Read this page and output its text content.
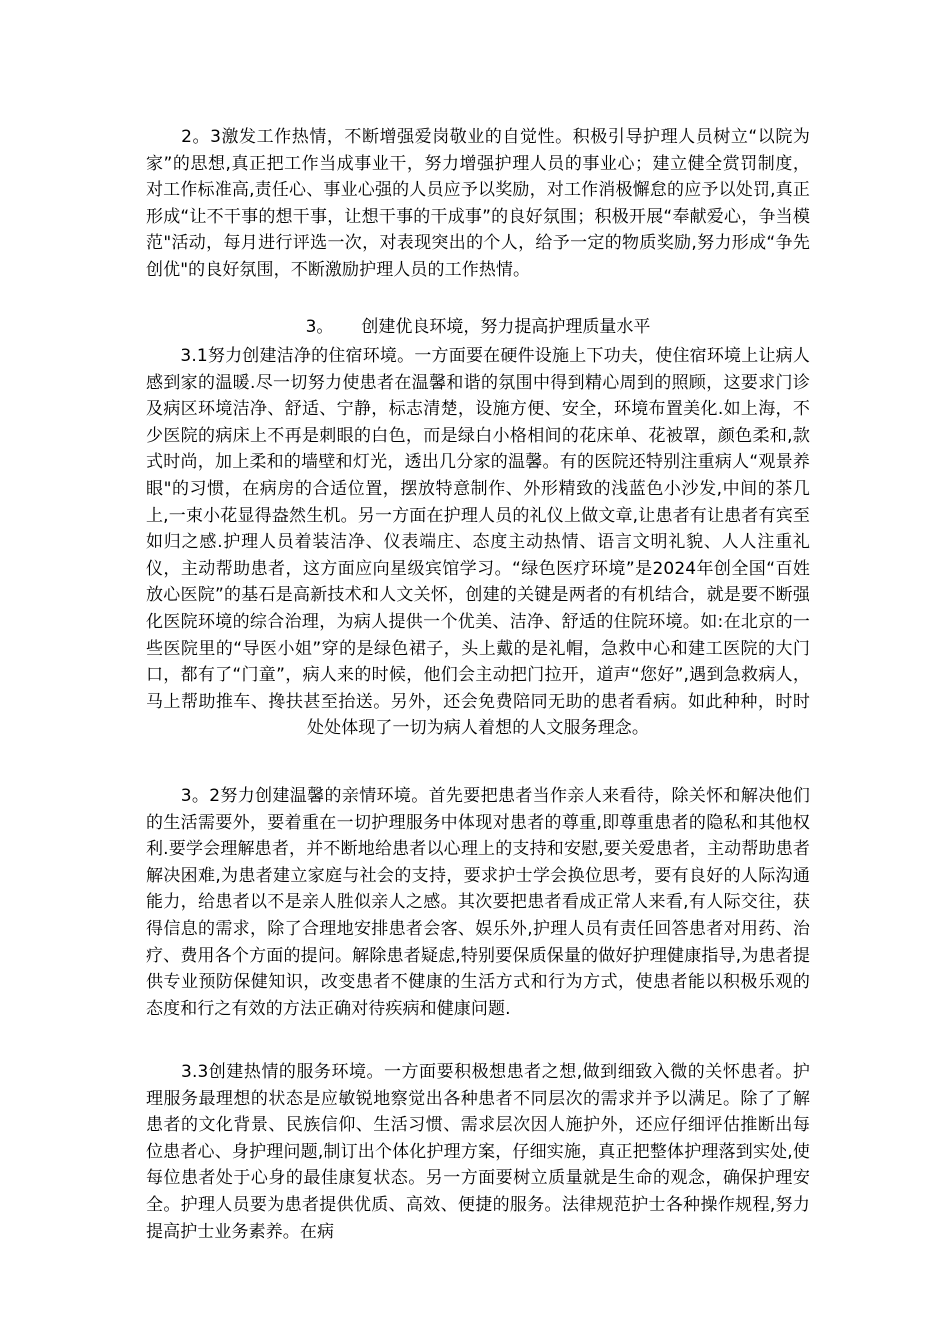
　　2。3激发工作热情，不断增强爱岗敬业的自觉性。积极引导护理人员树立“以院为家”的思想,真正把工作当成事业干，努力增强护理人员的事业心；建立健全赏罚制度，对工作标准高,责任心、事业心强的人员应予以奖励，对工作消极懈怠的应予以处罚,真正形成“让不干事的想干事，让想干事的干成事”的良好氛围；积极开展“奉献爱心，争当模范"活动，每月进行评选一次，对表现突出的个人，给予一定的物质奖励,努力形成“争先创优"的良好氛围，不断激励护理人员的工作热情。

3。 创建优良环境，努力提高护理质量水平

　　3.1努力创建洁净的住宿环境。一方面要在硬件设施上下功夫，使住宿环境上让病人感到家的温暖.尽一切努力使患者在温馨和谐的氛围中得到精心周到的照顾，这要求门诊及病区环境洁净、舒适、宁静，标志清楚，设施方便、安全，环境布置美化.如上海，不少医院的病床上不再是刺眼的白色，而是绿白小格相间的花床单、花被罩，颜色柔和,款式时尚，加上柔和的墙壁和灯光，透出几分家的温馨。有的医院还特别注重病人“观景养眼"的习惯，在病房的合适位置，摆放特意制作、外形精致的浅蓝色小沙发,中间的茶几上,一束小花显得盎然生机。另一方面在护理人员的礼仪上做文章,让患者有让患者有宾至如归之感.护理人员着装洁净、仪表端庄、态度主动热情、语言文明礼貌、人人注重礼仪，主动帮助患者，这方面应向星级宾馆学习。“绿色医疗环境”是2024年创全国“百姓放心医院”的基石是高新技术和人文关怀，创建的关键是两者的有机结合，就是要不断强化医院环境的综合治理，为病人提供一个优美、洁净、舒适的住院环境。如:在北京的一些医院里的“导医小姐”穿的是绿色裙子，头上戴的是礼帽，急救中心和建工医院的大门口，都有了“门童”，病人来的时候，他们会主动把门拉开，道声“您好”,遇到急救病人，马上帮助推车、搀扶甚至抬送。另外，还会免费陪同无助的患者看病。如此种种，时时处处体现了一切为病人着想的人文服务理念。

　　3。2努力创建温馨的亲情环境。首先要把患者当作亲人来看待，除关怀和解决他们的生活需要外，要着重在一切护理服务中体现对患者的尊重,即尊重患者的隐私和其他权利.要学会理解患者，并不断地给患者以心理上的支持和安慰,要关爱患者，主动帮助患者解决困难,为患者建立家庭与社会的支持，要求护士学会换位思考，要有良好的人际沟通能力，给患者以不是亲人胜似亲人之感。其次要把患者看成正常人来看,有人际交往，获得信息的需求，除了合理地安排患者会客、娱乐外,护理人员有责任回答患者对用药、治疗、费用各个方面的提问。解除患者疑虑,特别要保质保量的做好护理健康指导,为患者提供专业预防保健知识，改变患者不健康的生活方式和行为方式，使患者能以积极乐观的态度和行之有效的方法正确对待疾病和健康问题.

　　3.3创建热情的服务环境。一方面要积极想患者之想,做到细致入微的关怀患者。护理服务最理想的状态是应敏锐地察觉出各种患者不同层次的需求并予以满足。除了了解患者的文化背景、民族信仰、生活习惯、需求层次因人施护外，还应仔细评估推断出每位患者心、身护理问题,制订出个体化护理方案，仔细实施，真正把整体护理落到实处,使每位患者处于心身的最佳康复状态。另一方面要树立质量就是生命的观念，确保护理安全。护理人员要为患者提供优质、高效、便捷的服务。法律规范护士各种操作规程,努力提高护士业务素养。在病
